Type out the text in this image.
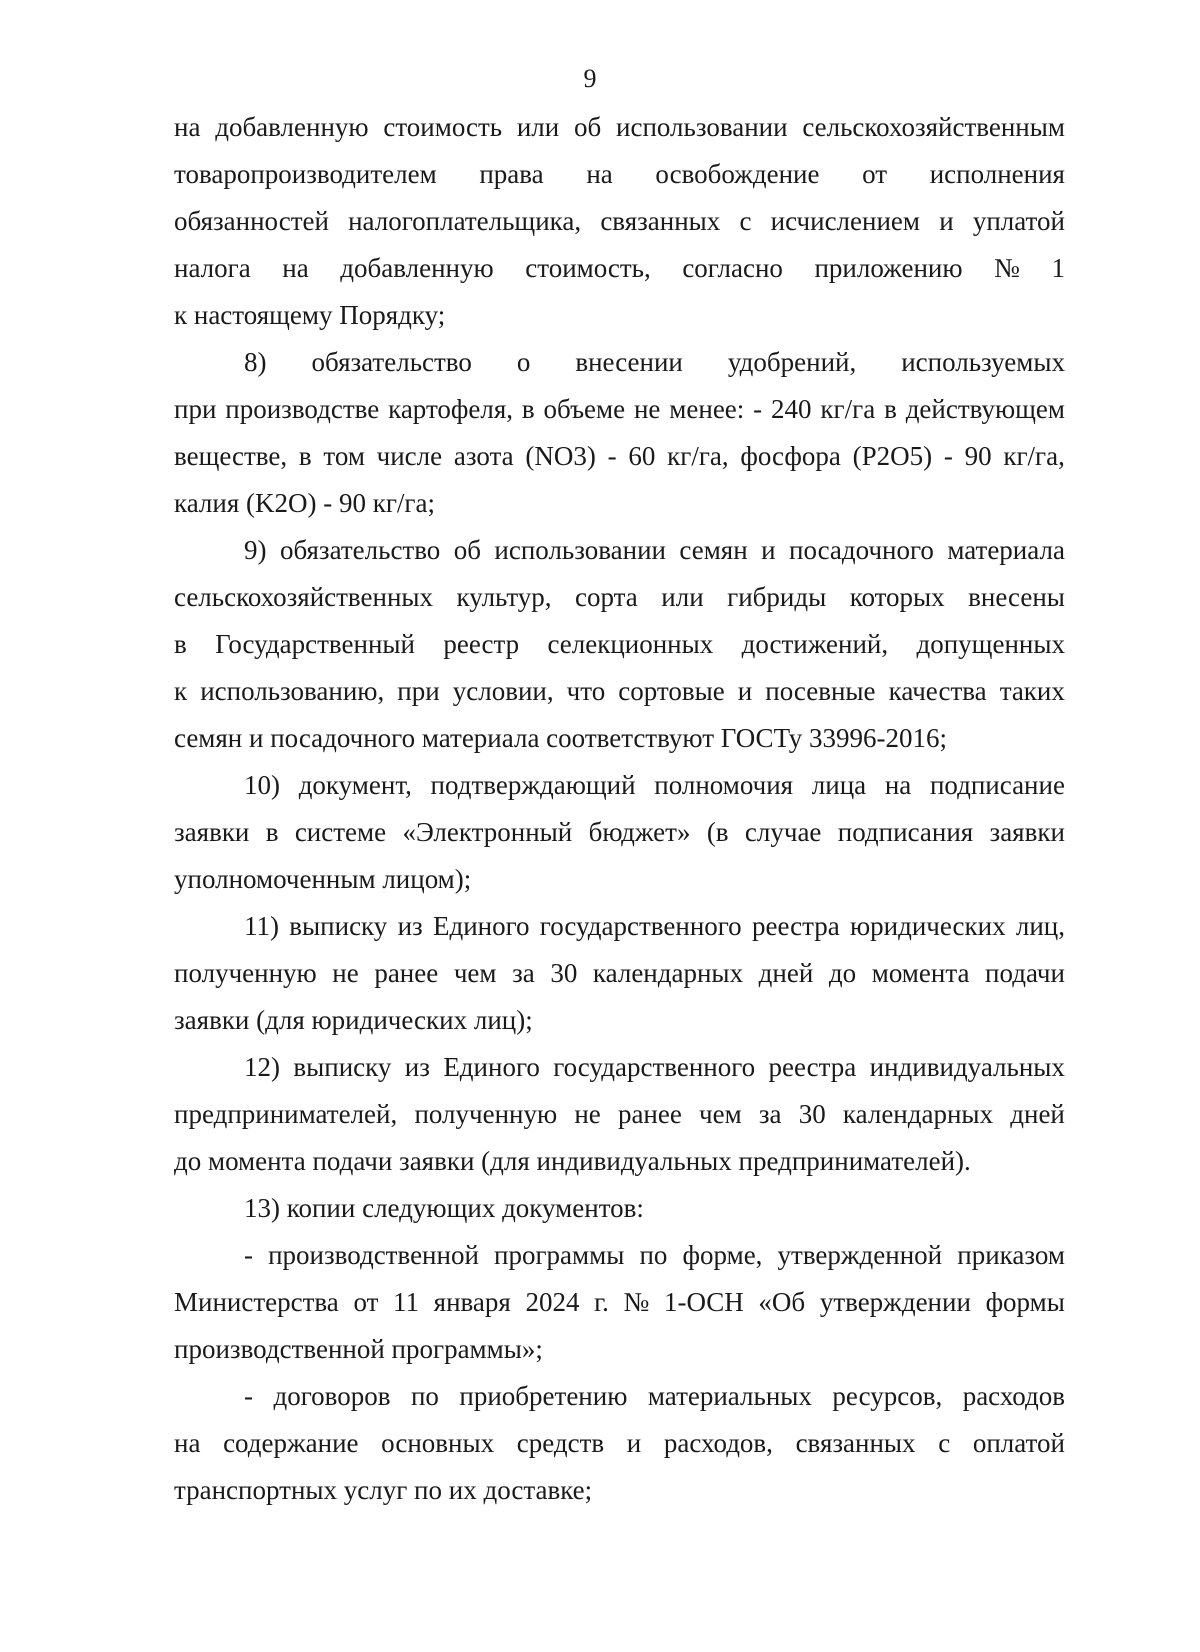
9
на добавленную стоимость или об использовании сельскохозяйственным
товаропроизводителем права на освобождение от исполнения
обязанностей налогоплательщика, связанных с исчислением и уплатой
налога на добавленную стоимость, согласно приложению № 1
к настоящему Порядку;
8) обязательство о внесении удобрений, используемых
при производстве картофеля, в объеме не менее: - 240 кг/га в действующем
веществе, в том числе азота (NO3) - 60 кг/га, фосфора (P2O5) - 90 кг/га,
калия (K2O) - 90 кг/га;
9) обязательство об использовании семян и посадочного материала
сельскохозяйственных культур, сорта или гибриды которых внесены
в Государственный реестр селекционных достижений, допущенных
к использованию, при условии, что сортовые и посевные качества таких
семян и посадочного материала соответствуют ГОСТу 33996-2016;
10) документ, подтверждающий полномочия лица на подписание
заявки в системе «Электронный бюджет» (в случае подписания заявки
уполномоченным лицом);
11) выписку из Единого государственного реестра юридических лиц,
полученную не ранее чем за 30 календарных дней до момента подачи
заявки (для юридических лиц);
12) выписку из Единого государственного реестра индивидуальных
предпринимателей, полученную не ранее чем за 30 календарных дней
до момента подачи заявки (для индивидуальных предпринимателей).
13) копии следующих документов:
- производственной программы по форме, утвержденной приказом
Министерства от 11 января 2024 г. № 1-ОСН «Об утверждении формы
производственной программы»;
- договоров по приобретению материальных ресурсов, расходов
на содержание основных средств и расходов, связанных с оплатой
транспортных услуг по их доставке;
